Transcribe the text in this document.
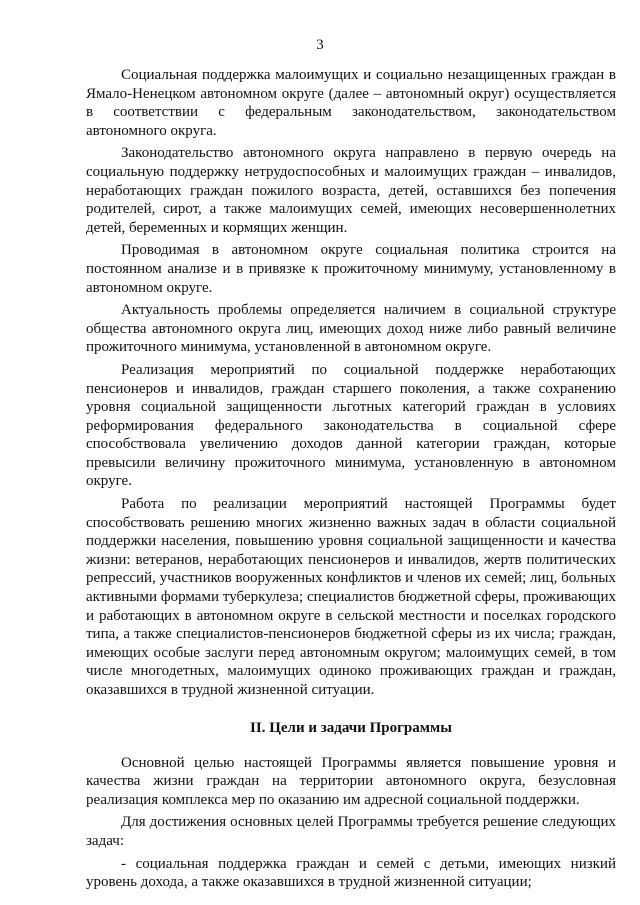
3

Социальная поддержка малоимущих и социально незащищенных граждан в Ямало-Ненецком автономном округе (далее – автономный округ) осуществляется в соответствии с федеральным законодательством, законодательством автономного округа.

Законодательство автономного округа направлено в первую очередь на социальную поддержку нетрудоспособных и малоимущих граждан – инвалидов, неработающих граждан пожилого возраста, детей, оставшихся без попечения родителей, сирот, а также малоимущих семей, имеющих несовершеннолетних детей, беременных и кормящих женщин.

Проводимая в автономном округе социальная политика строится на постоянном анализе и в привязке к прожиточному минимуму, установленному в автономном округе.

Актуальность проблемы определяется наличием в социальной структуре общества автономного округа лиц, имеющих доход ниже либо равный величине прожиточного минимума, установленной в автономном округе.

Реализация мероприятий по социальной поддержке неработающих пенсионеров и инвалидов, граждан старшего поколения, а также сохранению уровня социальной защищенности льготных категорий граждан в условиях реформирования федерального законодательства в социальной сфере способствовала увеличению доходов данной категории граждан, которые превысили величину прожиточного минимума, установленную в автономном округе.

Работа по реализации мероприятий настоящей Программы будет способствовать решению многих жизненно важных задач в области социальной поддержки населения, повышению уровня социальной защищенности и качества жизни: ветеранов, неработающих пенсионеров и инвалидов, жертв политических репрессий, участников вооруженных конфликтов и членов их семей; лиц, больных активными формами туберкулеза; специалистов бюджетной сферы, проживающих и работающих в автономном округе в сельской местности и поселках городского типа, а также специалистов-пенсионеров бюджетной сферы из их числа; граждан, имеющих особые заслуги перед автономным округом; малоимущих семей, в том числе многодетных, малоимущих одиноко проживающих граждан и граждан, оказавшихся в трудной жизненной ситуации.

II. Цели и задачи Программы

Основной целью настоящей Программы является повышение уровня и качества жизни граждан на территории автономного округа, безусловная реализация комплекса мер по оказанию им адресной социальной поддержки.

Для достижения основных целей Программы требуется решение следующих задач:

- социальная поддержка граждан и семей с детьми, имеющих низкий уровень дохода, а также оказавшихся в трудной жизненной ситуации;
